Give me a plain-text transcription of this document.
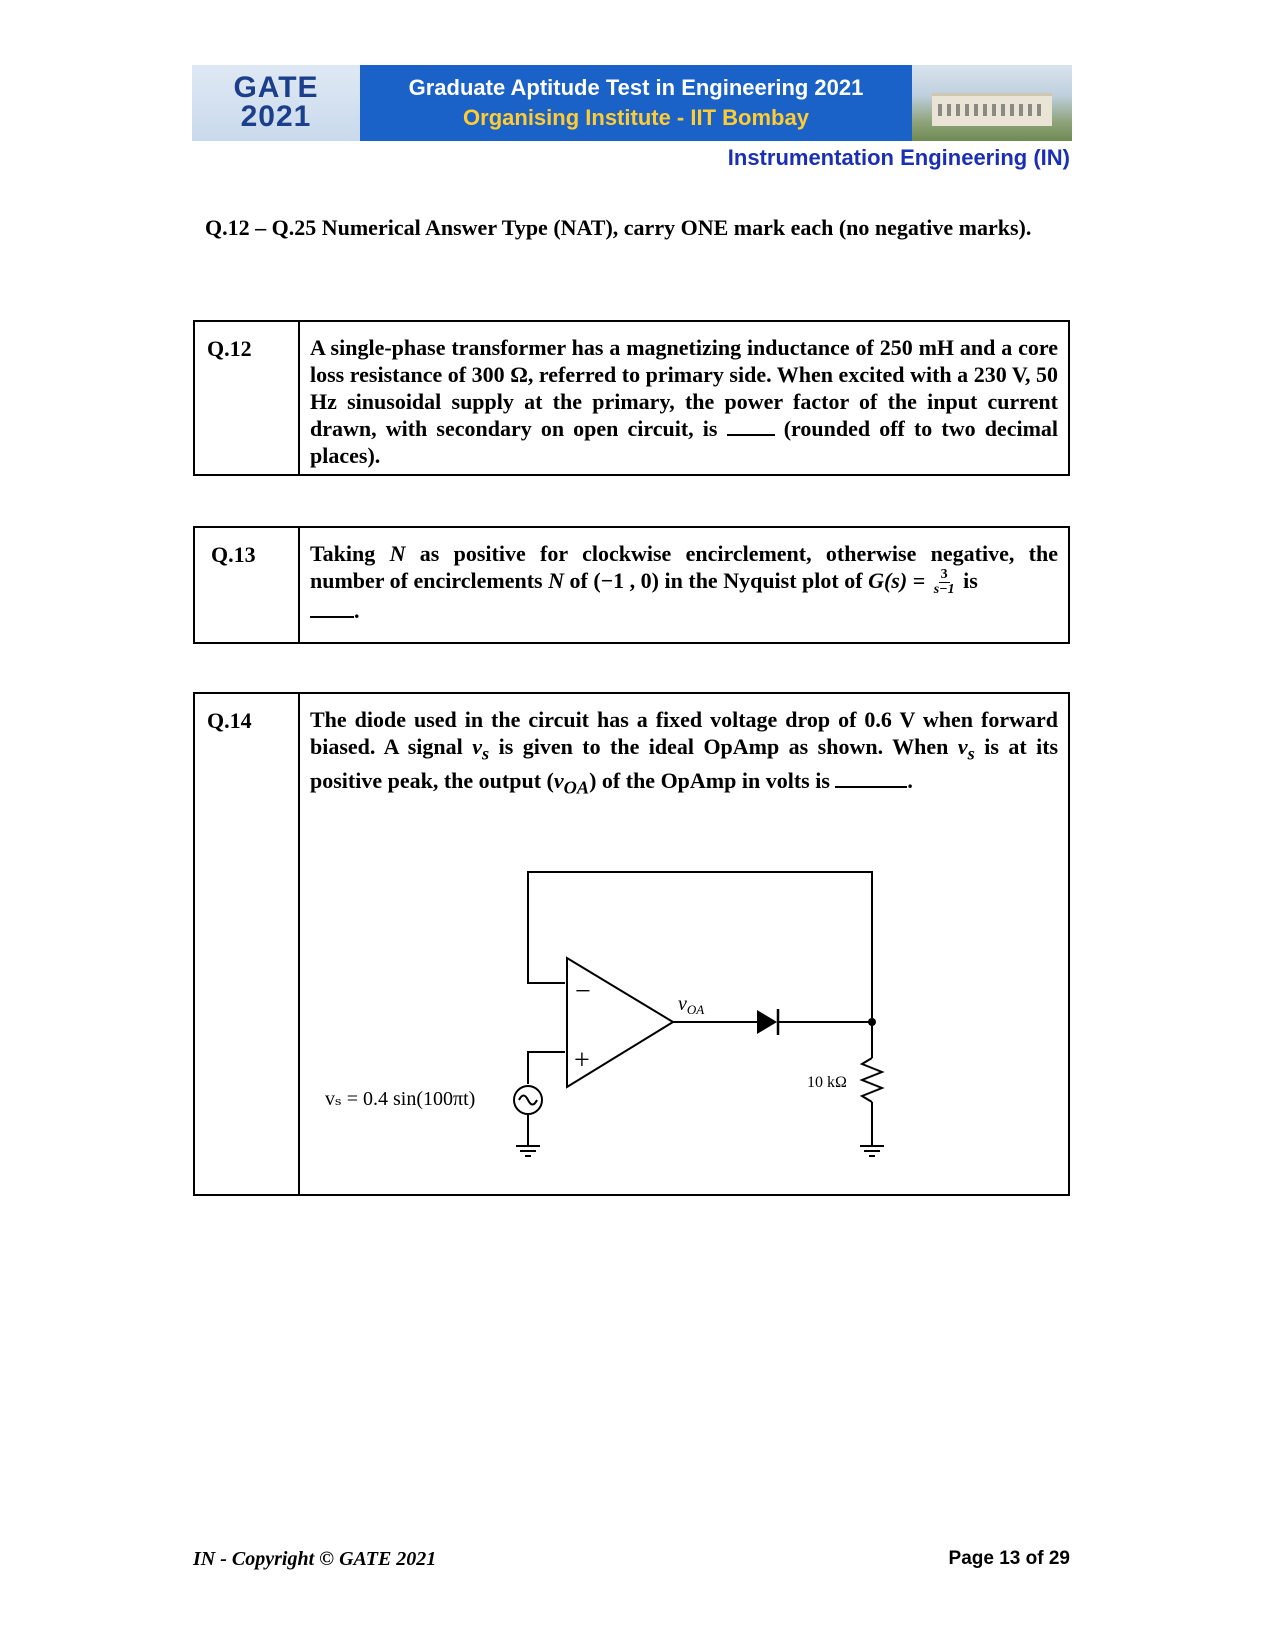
GATE
2021
Graduate Aptitude Test in Engineering 2021
Organising Institute - IIT Bombay
Instrumentation Engineering (IN)
Q.12 – Q.25 Numerical Answer Type (NAT), carry ONE mark each (no negative marks).
Q.12	A single-phase transformer has a magnetizing inductance of 250 mH and a core loss resistance of 300 Ω, referred to primary side. When excited with a 230 V, 50 Hz sinusoidal supply at the primary, the power factor of the input current drawn, with secondary on open circuit, is	(rounded off to two decimal places).
Q.13	Taking N as positive for clockwise encirclement, otherwise negative, the number of encirclements N of (−1 , 0) in the Nyquist plot of $G(s) = \frac{3}{s-1}$ is
.
Q.14	The diode used in the circuit has a fixed voltage drop of 0.6 V when forward biased. A signal $v_s$ is given to the ideal OpAmp as shown. When $v_s$ is at its positive peak, the output $(v_{OA})$ of the OpAmp in volts is	.
−
+
$v_{OA}$
10 kΩ
vₛ = 0.4 sin(100πt)
IN - Copyright © GATE 2021	Page 13 of 29
